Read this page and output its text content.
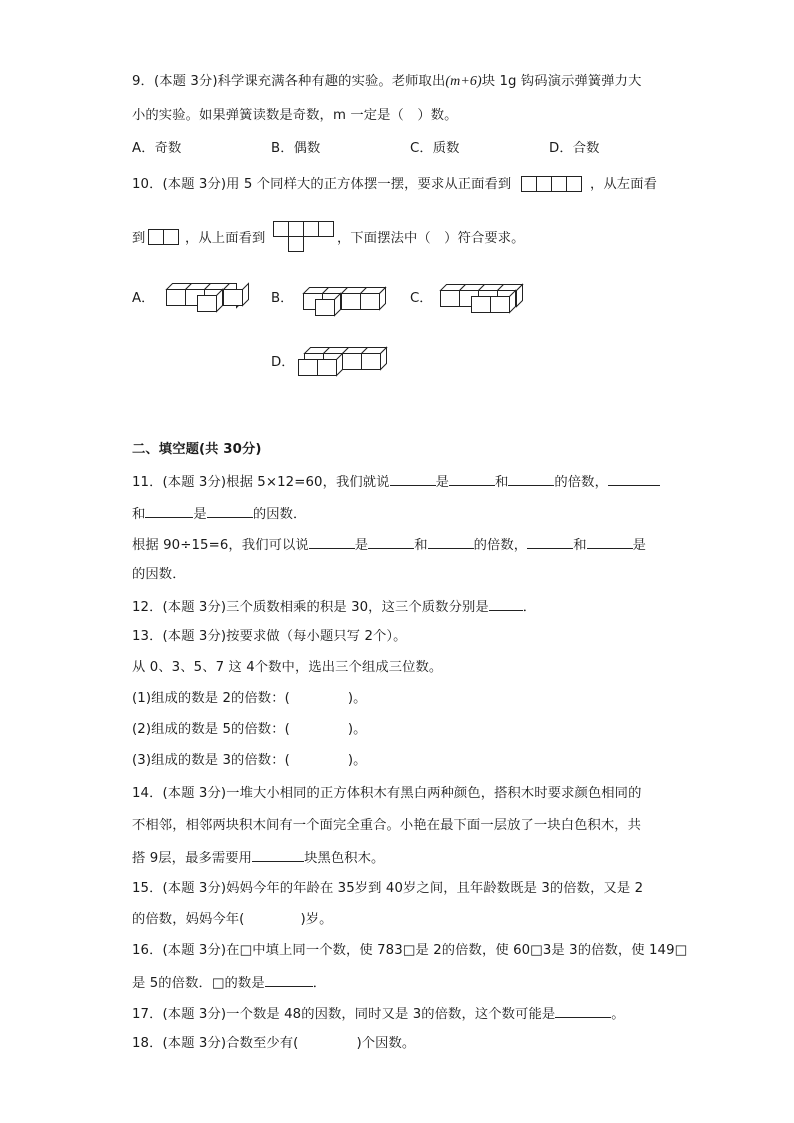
9．(本题 3分)科学课充满各种有趣的实验。老师取出(m+6)块 1g 钩码演示弹簧弹力大
小的实验。如果弹簧读数是奇数，m 一定是（　）数。
A．奇数	B．偶数	C．质数	D．合数
10．(本题 3分)用 5 个同样大的正方体摆一摆，要求从正面看到	，从左面看
到	，从上面看到	，下面摆法中（　）符合要求。
A．	B．	C．
D．
二、填空题(共 30分)
11．(本题 3分)根据 5×12=60，我们就说	是	和	的倍数，
和	是	的因数．
根据 90÷15=6，我们可以说	是	和	的倍数，	和	是
的因数．
12．(本题 3分)三个质数相乘的积是 30，这三个质数分别是	．
13．(本题 3分)按要求做（每小题只写 2个）。
从 0、3、5、7 这 4个数中，选出三个组成三位数。
(1)组成的数是 2的倍数：(	)。
(2)组成的数是 5的倍数：(	)。
(3)组成的数是 3的倍数：(	)。
14．(本题 3分)一堆大小相同的正方体积木有黑白两种颜色，搭积木时要求颜色相同的
不相邻，相邻两块积木间有一个面完全重合。小艳在最下面一层放了一块白色积木，共
搭 9层，最多需要用	块黑色积木。
15．(本题 3分)妈妈今年的年龄在 35岁到 40岁之间，且年龄数既是 3的倍数，又是 2
的倍数，妈妈今年(	)岁。
16．(本题 3分)在□中填上同一个数，使 783□是 2的倍数，使 60□3是 3的倍数，使 149□
是 5的倍数．□的数是	．
17．(本题 3分)一个数是 48的因数，同时又是 3的倍数，这个数可能是	。
18．(本题 3分)合数至少有(	)个因数。
